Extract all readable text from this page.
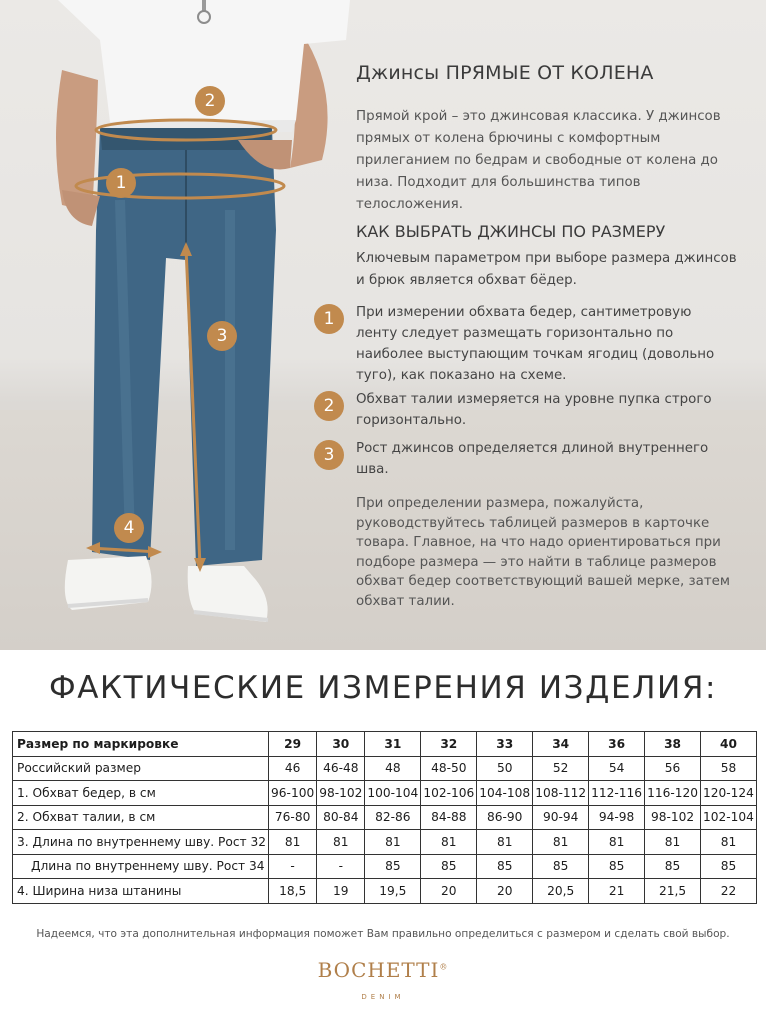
2
1
3
4
Джинсы ПРЯМЫЕ ОТ КОЛЕНА
Прямой крой – это джинсовая классика. У джинсов прямых от колена брючины с комфортным прилеганием по бедрам и свободные от колена до низа. Подходит для большинства типов телосложения.
КАК ВЫБРАТЬ ДЖИНСЫ ПО РАЗМЕРУ
Ключевым параметром при выборе размера джинсов и брюк является обхват бёдер.
1	При измерении обхвата бедер, сантиметровую ленту следует размещать горизонтально по наиболее выступающим точкам ягодиц (довольно туго), как показано на схеме.
2	Обхват талии измеряется на уровне пупка строго горизонтально.
3	Рост джинсов определяется длиной внутреннего шва.
При определении размера, пожалуйста, руководствуйтесь таблицей размеров в карточке товара. Главное, на что надо ориентироваться при подборе размера — это найти в таблице размеров обхват бедер соответствующий вашей мерке, затем обхват талии.
ФАКТИЧЕСКИЕ ИЗМЕРЕНИЯ ИЗДЕЛИЯ:
Размер по маркировке	29	30	31	32	33	34	36	38	40
Российский размер	46	46-48	48	48-50	50	52	54	56	58
1. Обхват бедер, в см	96-100	98-102	100-104	102-106	104-108	108-112	112-116	116-120	120-124
2. Обхват талии, в см	76-80	80-84	82-86	84-88	86-90	90-94	94-98	98-102	102-104
3. Длина по внутреннему шву. Рост 32	81	81	81	81	81	81	81	81	81
Длина по внутреннему шву. Рост 34	-	-	85	85	85	85	85	85	85
4. Ширина низа штанины	18,5	19	19,5	20	20	20,5	21	21,5	22
Надеемся, что эта дополнительная информация поможет Вам правильно определиться с размером и сделать свой выбор.
BOCHETTI®
DENIM
